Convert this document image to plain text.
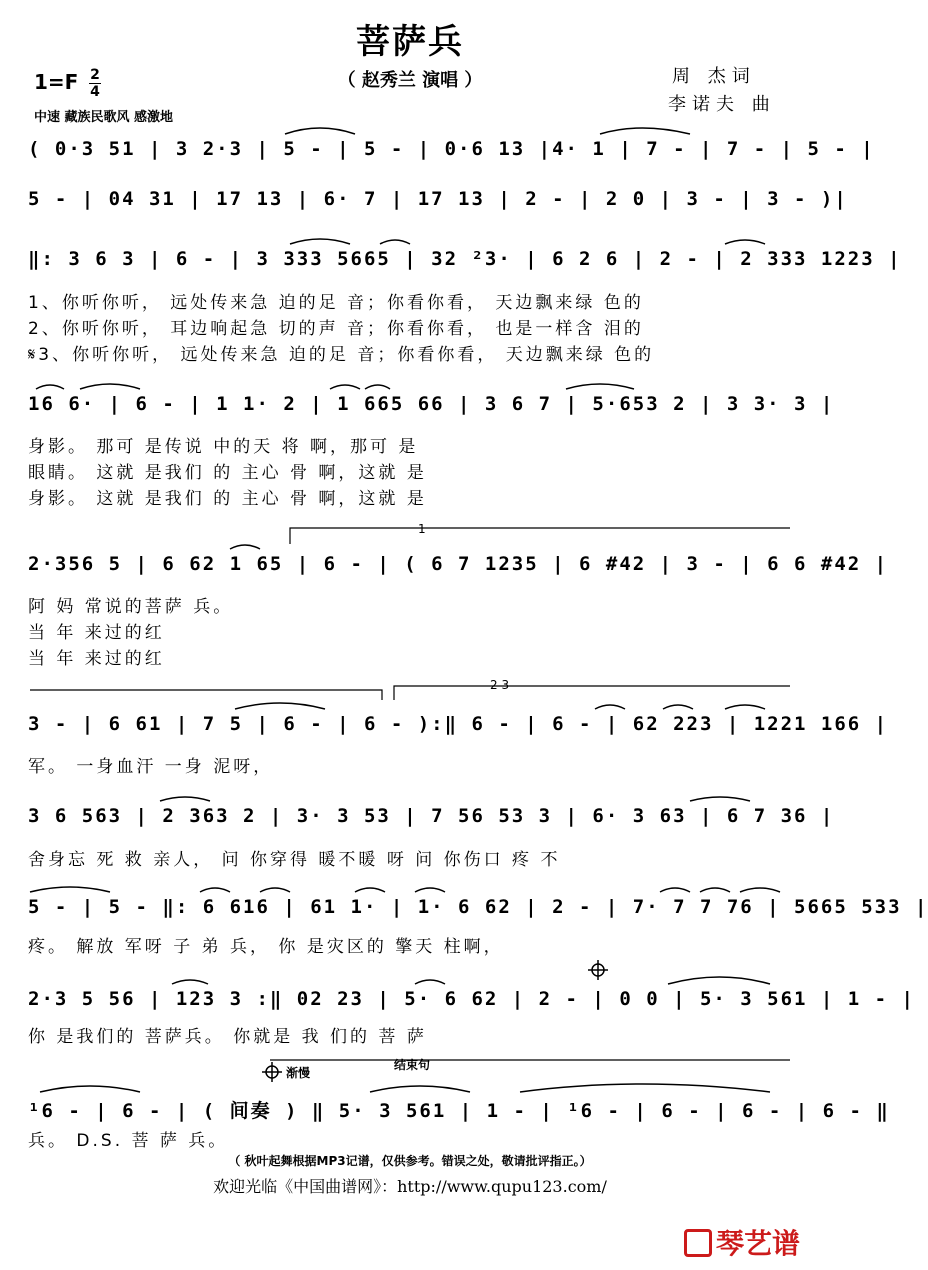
菩萨兵
（ 赵秀兰 演唱 ）	周 杰词
李诺夫 曲
1=F 2
4
中速 藏族民歌风 感激地
( 0·3 51 | 3 2·3 | 5 - | 5 - | 0·6 13 |4· 1 | 7 - | 7 - | 5 - |
5 - | 04 31 | 17 13 | 6· 7 | 17 13 | 2 - | 2 0 | 3 - | 3 - )|
‖: 3 6 3 | 6 - | 3 333 5665 | 32 ²3· | 6 2 6 | 2 - | 2 333 1223 |
1、你听你听， 远处传来急 迫的足 音；你看你看， 天边飘来绿 色的
2、你听你听， 耳边响起急 切的声 音；你看你看， 也是一样含 泪的
𝄋3、你听你听， 远处传来急 迫的足 音；你看你看， 天边飘来绿 色的
16 6· | 6 - | 1 1· 2 | 1 665 66 | 3 6 7 | 5·653 2 | 3 3· 3 |
身影。 那可 是传说 中的天 将 啊，那可 是
眼睛。 这就 是我们 的 主心 骨 啊，这就 是
身影。 这就 是我们 的 主心 骨 啊，这就 是
1
2·356 5 | 6 62 1 65 | 6 - | ( 6 7 1235 | 6 #42 | 3 - | 6 6 #42 |
阿 妈 常说的菩萨 兵。
当 年 来过的红
当 年 来过的红
2 3
3 - | 6 61 | 7 5 | 6 - | 6 - ):‖ 6 - | 6 - | 62 223 | 1221 166 |
军。 一身血汗 一身 泥呀，
3 6 563 | 2 363 2 | 3· 3 53 | 7 56 53 3 | 6· 3 63 | 6 7 36 |
舍身忘 死 救 亲人， 问 你穿得 暖不暖 呀 问 你伤口 疼 不
5 - | 5 - ‖: 6 616 | 61 1· | 1· 6 62 | 2 - | 7· 7 7 76 | 5665 533 |
疼。 解放 军呀 子 弟 兵， 你 是灾区的 擎天 柱啊，
2·3 5 56 | 123 3 :‖ 02 23 | 5· 6 62 | 2 - | 0 0 | 5· 3 561 | 1 - |
你 是我们的 菩萨兵。 你就是 我 们的 菩 萨
渐慢
结束句
¹6 - | 6 - | ( 间奏 ) ‖ 5· 3 561 | 1 - | ¹6 - | 6 - | 6 - | 6 - ‖
兵。 D.S. 菩 萨 兵。
（ 秋叶起舞根据MP3记谱，仅供参考。错误之处，敬请批评指正。）
欢迎光临《中国曲谱网》：http://www.qupu123.com/
琴艺谱
